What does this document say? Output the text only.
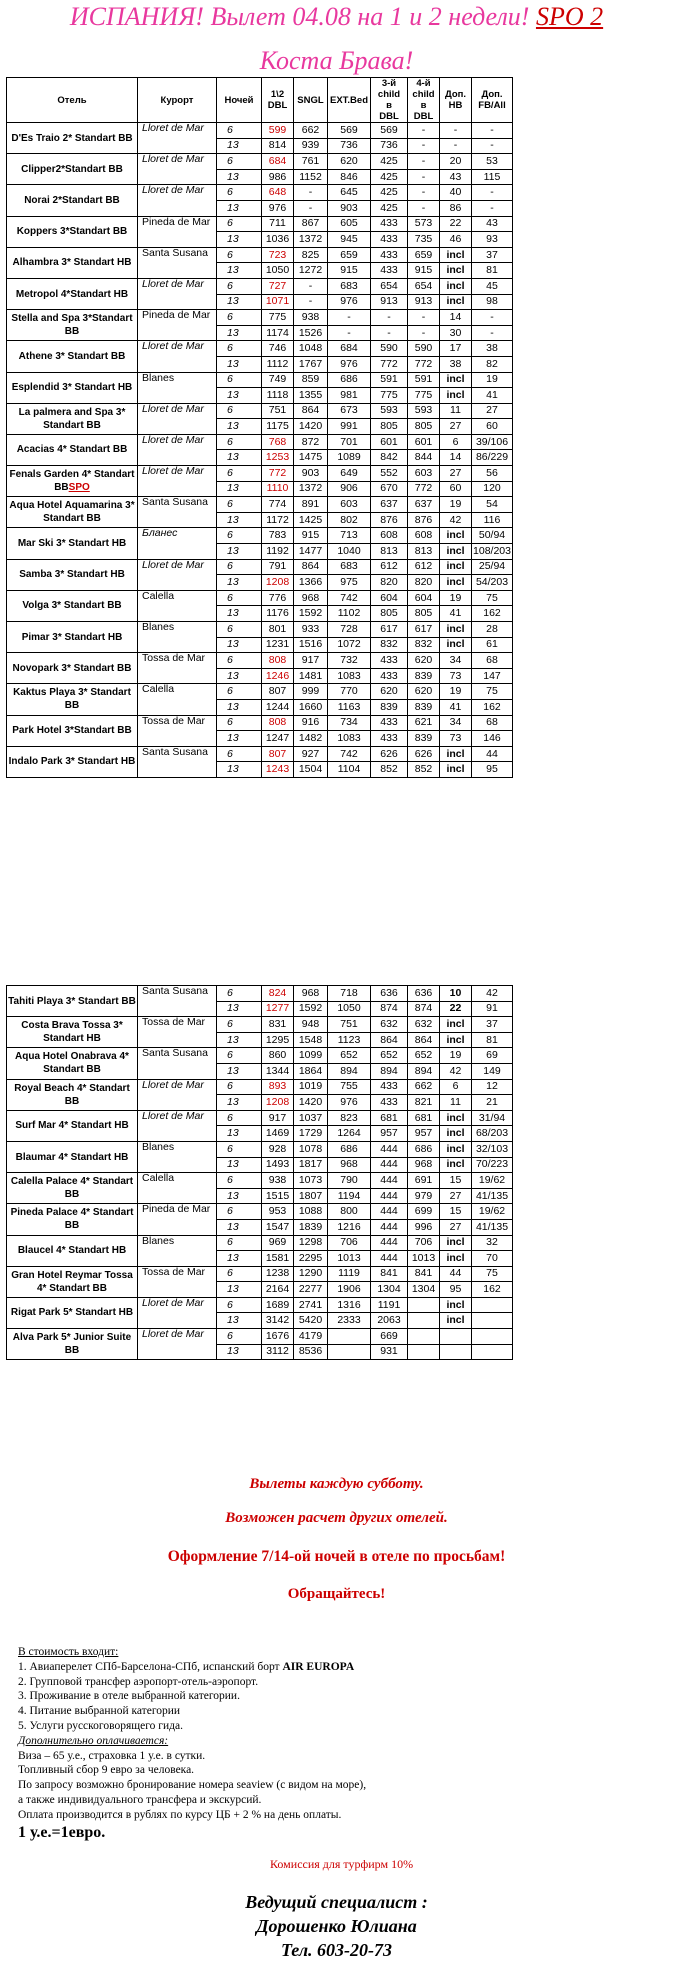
ИСПАНИЯ! Вылет 04.08 на 1 и 2 недели! SPO 2
Коста Брава!
Отель	Курорт	Ночей	1\2
DBL	SNGL	EXT.Bed	3-й
child
в
DBL	4-й
child
в
DBL	Доп.
НВ	Доп.
FB/All
D'Es Traio 2* Standart BB	Lloret de Mar	6	599	662	569	569	-	-	-
		13	814	939	736	736	-	-	-
Clipper2*Standart BB	Lloret de Mar	6	684	761	620	425	-	20	53
		13	986	1152	846	425	-	43	115
Norai 2*Standart BB	Lloret de Mar	6	648	-	645	425	-	40	-
		13	976	-	903	425	-	86	-
Koppers 3*Standart BB	Pineda de Mar	6	711	867	605	433	573	22	43
		13	1036	1372	945	433	735	46	93
Alhambra 3* Standart HB	Santa Susana	6	723	825	659	433	659	incl	37
		13	1050	1272	915	433	915	incl	81
Metropol 4*Standart HB	Lloret de Mar	6	727	-	683	654	654	incl	45
		13	1071	-	976	913	913	incl	98
Stella and Spa 3*Standart BB	Pineda de Mar	6	775	938	-	-	-	14	-
		13	1174	1526	-	-	-	30	-
Athene 3* Standart BB	Lloret de Mar	6	746	1048	684	590	590	17	38
		13	1112	1767	976	772	772	38	82
Esplendid 3* Standart HB	Blanes	6	749	859	686	591	591	incl	19
		13	1118	1355	981	775	775	incl	41
La palmera and Spa 3* Standart BB	Lloret de Mar	6	751	864	673	593	593	11	27
		13	1175	1420	991	805	805	27	60
Acacias 4* Standart BB	Lloret de Mar	6	768	872	701	601	601	6	39/106
		13	1253	1475	1089	842	844	14	86/229
Fenals Garden 4* Standart BBSPO	Lloret de Mar	6	772	903	649	552	603	27	56
		13	1110	1372	906	670	772	60	120
Aqua Hotel Aquamarina 3* Standart BB	Santa Susana	6	774	891	603	637	637	19	54
		13	1172	1425	802	876	876	42	116
Mar Ski 3* Standart HB	Бланес	6	783	915	713	608	608	incl	50/94
		13	1192	1477	1040	813	813	incl	108/203
Samba 3* Standart HB	Lloret de Mar	6	791	864	683	612	612	incl	25/94
		13	1208	1366	975	820	820	incl	54/203
Volga 3* Standart BB	Calella	6	776	968	742	604	604	19	75
		13	1176	1592	1102	805	805	41	162
Pimar 3* Standart HB	Blanes	6	801	933	728	617	617	incl	28
		13	1231	1516	1072	832	832	incl	61
Novopark 3* Standart BB	Tossa de Mar	6	808	917	732	433	620	34	68
		13	1246	1481	1083	433	839	73	147
Kaktus Playa 3* Standart BB	Calella	6	807	999	770	620	620	19	75
		13	1244	1660	1163	839	839	41	162
Park Hotel 3*Standart BB	Tossa de Mar	6	808	916	734	433	621	34	68
		13	1247	1482	1083	433	839	73	146
Indalo Park 3* Standart HB	Santa Susana	6	807	927	742	626	626	incl	44
		13	1243	1504	1104	852	852	incl	95
Tahiti Playa 3* Standart BB	Santa Susana	6	824	968	718	636	636	10	42
		13	1277	1592	1050	874	874	22	91
Costa Brava Tossa 3* Standart HB	Tossa de Mar	6	831	948	751	632	632	incl	37
		13	1295	1548	1123	864	864	incl	81
Aqua Hotel Onabrava 4* Standart BB	Santa Susana	6	860	1099	652	652	652	19	69
		13	1344	1864	894	894	894	42	149
Royal Beach 4* Standart BB	Lloret de Mar	6	893	1019	755	433	662	6	12
		13	1208	1420	976	433	821	11	21
Surf Mar 4* Standart HB	Lloret de Mar	6	917	1037	823	681	681	incl	31/94
		13	1469	1729	1264	957	957	incl	68/203
Blaumar 4* Standart HB	Blanes	6	928	1078	686	444	686	incl	32/103
		13	1493	1817	968	444	968	incl	70/223
Calella Palace 4* Standart BB	Calella	6	938	1073	790	444	691	15	19/62
		13	1515	1807	1194	444	979	27	41/135
Pineda Palace 4* Standart BB	Pineda de Mar	6	953	1088	800	444	699	15	19/62
		13	1547	1839	1216	444	996	27	41/135
Blaucel 4* Standart HB	Blanes	6	969	1298	706	444	706	incl	32
		13	1581	2295	1013	444	1013	incl	70
Gran Hotel Reymar Tossa 4* Standart BB	Tossa de Mar	6	1238	1290	1119	841	841	44	75
		13	2164	2277	1906	1304	1304	95	162
Rigat Park 5* Standart HB	Lloret de Mar	6	1689	2741	1316	1191		incl	
		13	3142	5420	2333	2063		incl	
Alva Park 5* Junior Suite BB	Lloret de Mar	6	1676	4179		669			
		13	3112	8536		931			
Вылеты каждую субботу.
Возможен расчет других отелей.
Оформление 7/14-ой ночей в отеле по просьбам!
Обращайтесь!
В стоимость входит:
1. Авиаперелет СПб-Барселона-СПб, испанский борт AIR EUROPA
2. Групповой трансфер аэропорт-отель-аэропорт.
3. Проживание в отеле выбранной категории.
4. Питание выбранной категории
5. Услуги русскоговорящего гида.
Дополнительно оплачивается:
Виза – 65 у.е., страховка 1 у.е. в сутки.
Топливный сбор 9 евро за человека.
По запросу возможно бронирование номера seaview (с видом на море),
а также индивидуального трансфера и экскурсий.
Оплата производится в рублях по курсу ЦБ + 2 % на день оплаты.
1 у.е.=1евро.
Комиссия для турфирм 10%
Ведущий специалист :
Дорошенко Юлиана
Тел. 603-20-73
